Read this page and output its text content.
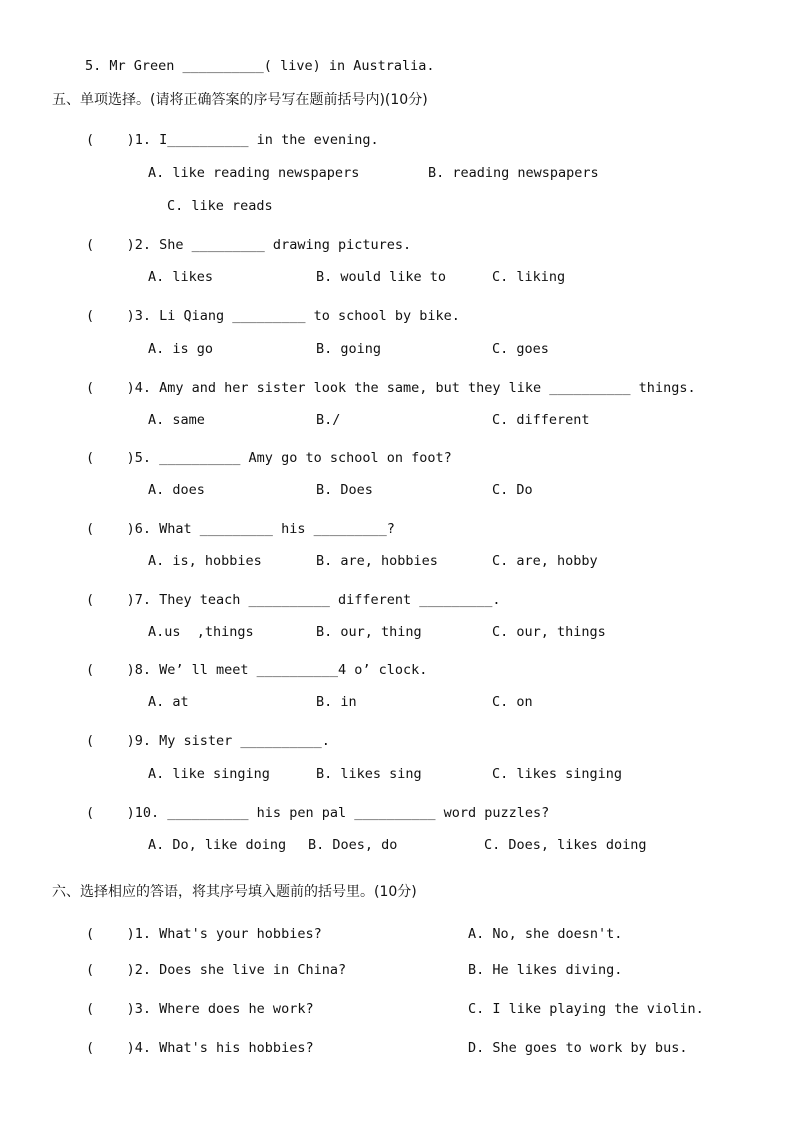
5. Mr Green __________( live) in Australia.
五、单项选择。(请将正确答案的序号写在题前括号内)(10分)
(    )1. I__________ in the evening.
A. like reading newspapers	B. reading newspapers
C. like reads
(    )2. She _________ drawing pictures.
A. likes	B. would like to	C. liking
(    )3. Li Qiang _________ to school by bike.
A. is go	B. going	C. goes
(    )4. Amy and her sister look the same, but they like __________ things.
A. same	B./	C. different
(    )5. __________ Amy go to school on foot?
A. does	B. Does	C. Do
(    )6. What _________ his _________?
A. is, hobbies	B. are, hobbies	C. are, hobby
(    )7. They teach __________ different _________.
A.us  ,things	B. our, thing	C. our, things
(    )8. We’ ll meet __________4 o’ clock.
A. at	B. in	C. on
(    )9. My sister __________.
A. like singing	B. likes sing	C. likes singing
(    )10. __________ his pen pal __________ word puzzles?
A. Do, like doing B. Does, do	C. Does, likes doing
六、选择相应的答语，将其序号填入题前的括号里。(10分)
(    )1. What's your hobbies?	A. No, she doesn't.
(    )2. Does she live in China?	B. He likes diving.
(    )3. Where does he work?	C. I like playing the violin.
(    )4. What's his hobbies?	D. She goes to work by bus.
